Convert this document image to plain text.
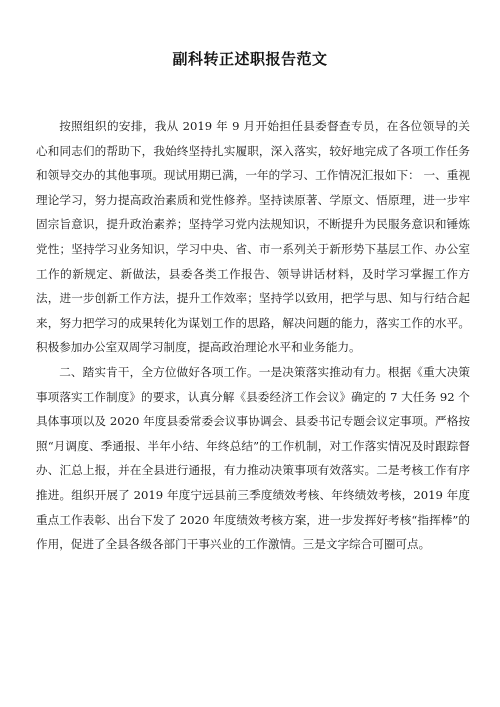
副科转正述职报告范文

按照组织的安排，我从 2019 年 9 月开始担任县委督查专员，在各位领导的关心和同志们的帮助下，我始终坚持扎实履职，深入落实，较好地完成了各项工作任务和领导交办的其他事项。现试用期已满，一年的学习、工作情况汇报如下： 一、重视理论学习，努力提高政治素质和党性修养。坚持读原著、学原文、悟原理，进一步牢固宗旨意识，提升政治素养；坚持学习党内法规知识，不断提升为民服务意识和锤炼党性；坚持学习业务知识，学习中央、省、市一系列关于新形势下基层工作、办公室工作的新规定、新做法，县委各类工作报告、领导讲话材料，及时学习掌握工作方法，进一步创新工作方法，提升工作效率；坚持学以致用，把学与思、知与行结合起来，努力把学习的成果转化为谋划工作的思路，解决问题的能力，落实工作的水平。积极参加办公室双周学习制度，提高政治理论水平和业务能力。

二、踏实肯干，全方位做好各项工作。一是决策落实推动有力。根据《重大决策事项落实工作制度》的要求，认真分解《县委经济工作会议》确定的 7 大任务 92 个具体事项以及 2020 年度县委常委会议事协调会、县委书记专题会议定事项。严格按照“月调度、季通报、半年小结、年终总结”的工作机制，对工作落实情况及时跟踪督办、汇总上报，并在全县进行通报，有力推动决策事项有效落实。二是考核工作有序推进。组织开展了 2019 年度宁远县前三季度绩效考核、年终绩效考核，2019 年度重点工作表彰、出台下发了 2020 年度绩效考核方案，进一步发挥好考核“指挥棒”的作用，促进了全县各级各部门干事兴业的工作激情。三是文字综合可圈可点。
